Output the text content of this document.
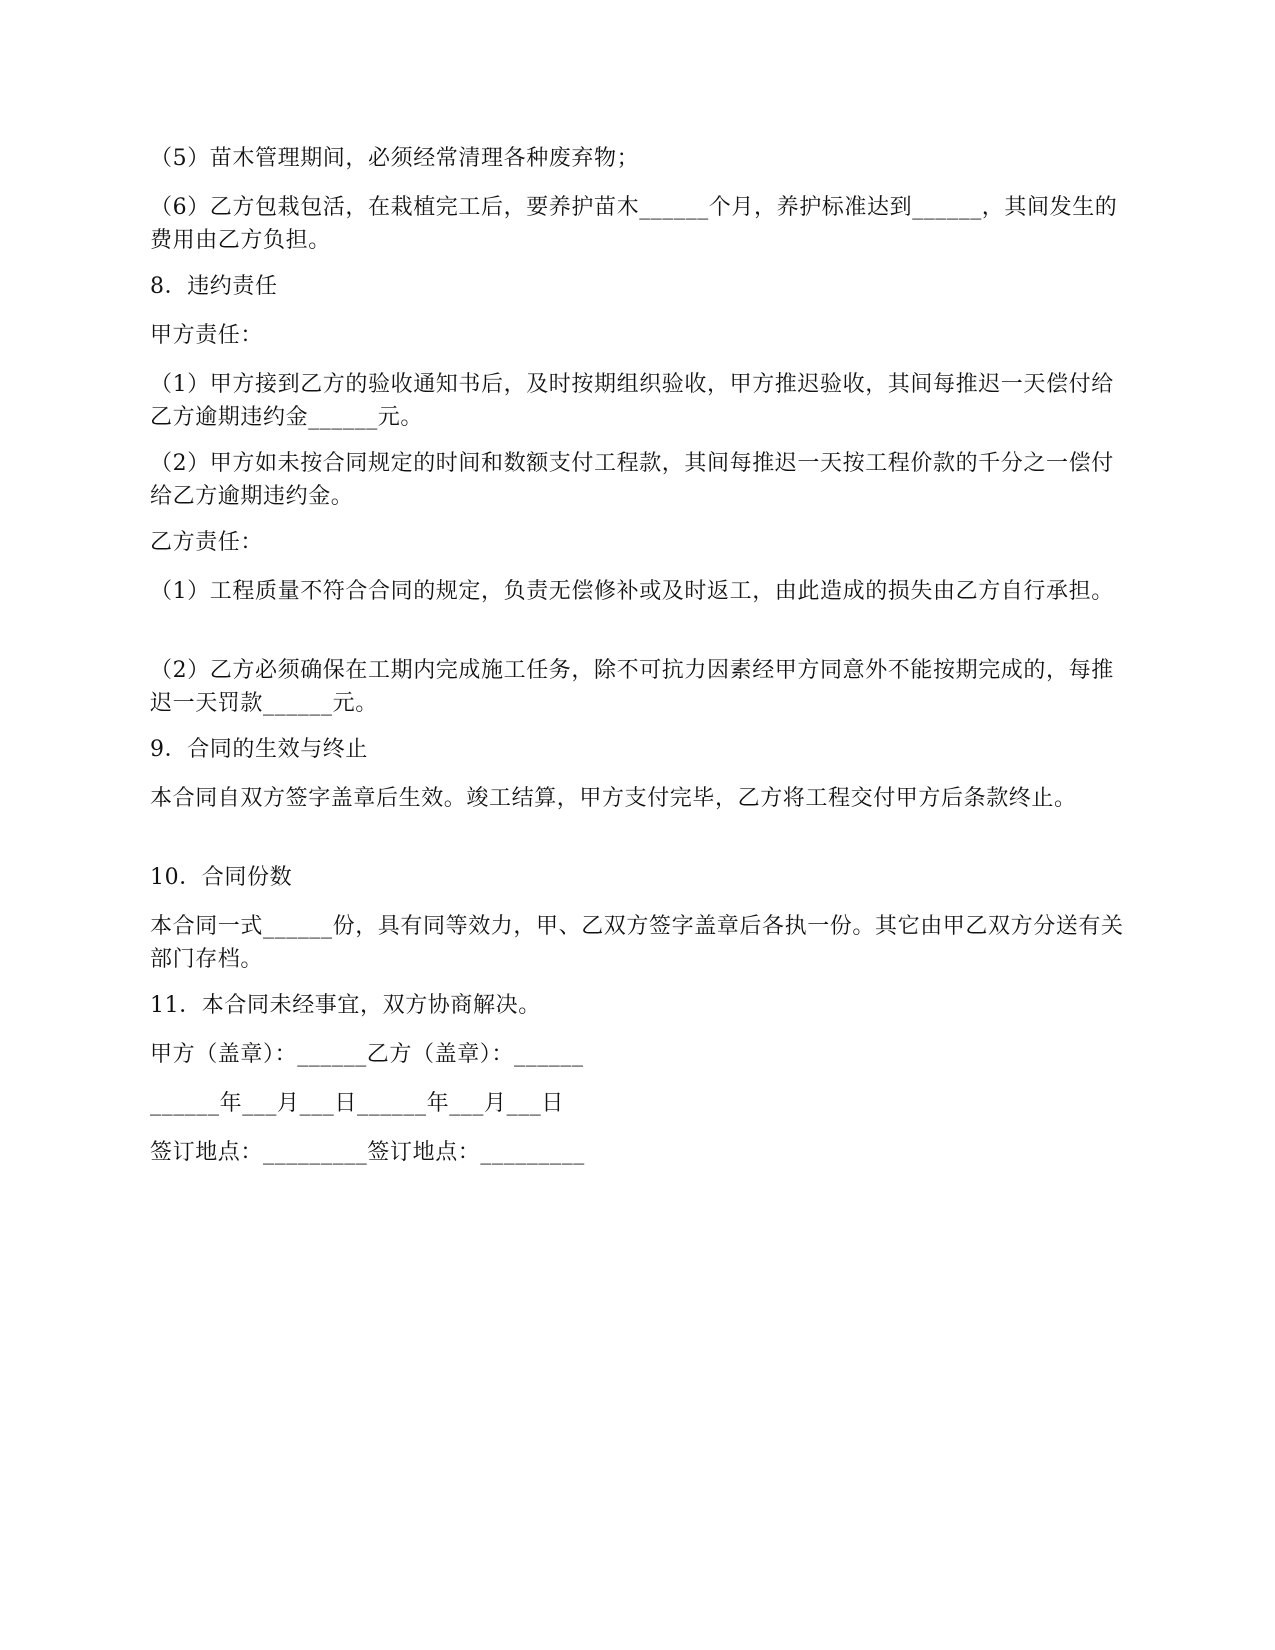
（5）苗木管理期间，必须经常清理各种废弃物；

（6）乙方包栽包活，在栽植完工后，要养护苗木______个月，养护标准达到______，其间发生的费用由乙方负担。

8．违约责任

甲方责任：

（1）甲方接到乙方的验收通知书后，及时按期组织验收，甲方推迟验收，其间每推迟一天偿付给乙方逾期违约金______元。

（2）甲方如未按合同规定的时间和数额支付工程款，其间每推迟一天按工程价款的千分之一偿付给乙方逾期违约金。

乙方责任：

（1）工程质量不符合合同的规定，负责无偿修补或及时返工，由此造成的损失由乙方自行承担。

（2）乙方必须确保在工期内完成施工任务，除不可抗力因素经甲方同意外不能按期完成的，每推迟一天罚款______元。

9．合同的生效与终止

本合同自双方签字盖章后生效。竣工结算，甲方支付完毕，乙方将工程交付甲方后条款终止。

10．合同份数

本合同一式______份，具有同等效力，甲、乙双方签字盖章后各执一份。其它由甲乙双方分送有关部门存档。

11．本合同未经事宜，双方协商解决。

甲方（盖章）：______乙方（盖章）：______

______年___月___日______年___月___日

签订地点：_________签订地点：_________
